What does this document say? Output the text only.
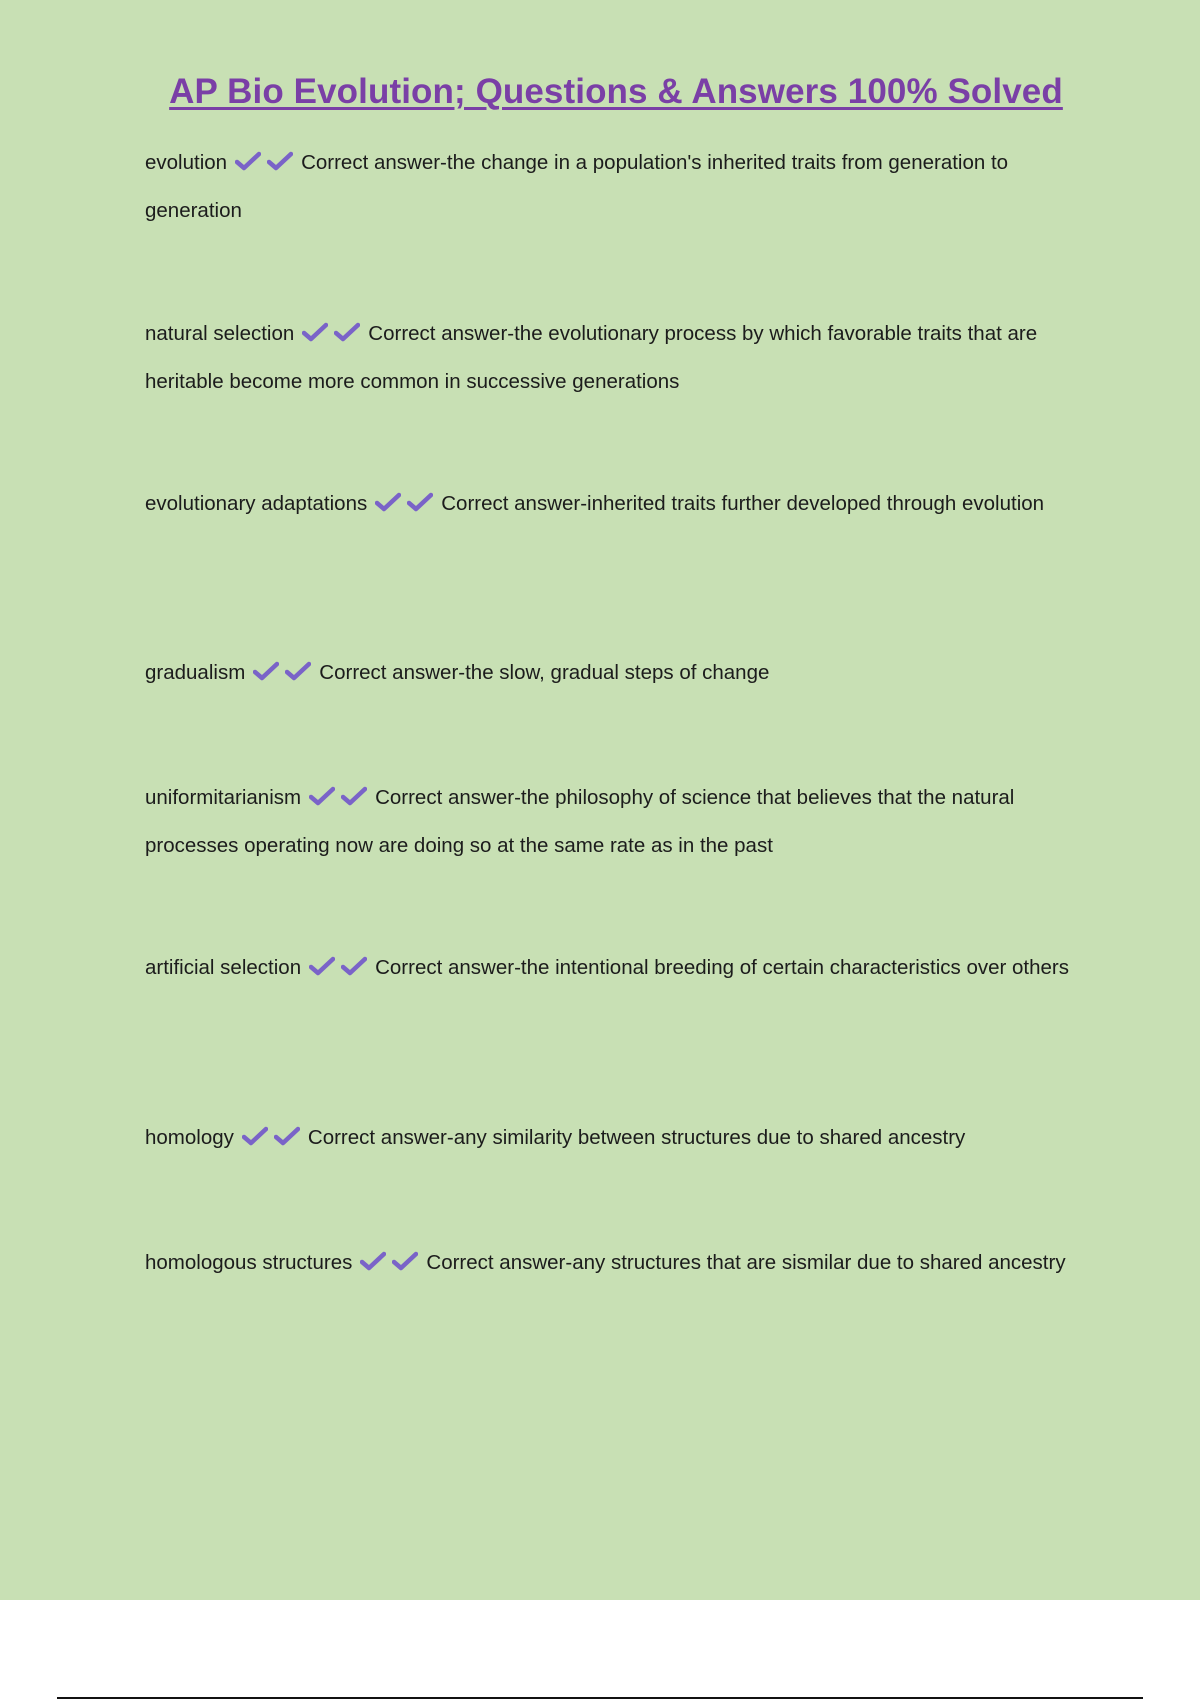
AP Bio Evolution; Questions & Answers 100% Solved
evolution	Correct answer-the change in a population's inherited traits from generation to generation
natural selection	Correct answer-the evolutionary process by which favorable traits that are heritable become more common in successive generations
evolutionary adaptations	Correct answer-inherited traits further developed through evolution
gradualism	Correct answer-the slow, gradual steps of change
uniformitarianism	Correct answer-the philosophy of science that believes that the natural processes operating now are doing so at the same rate as in the past
artificial selection	Correct answer-the intentional breeding of certain characteristics over others
homology	Correct answer-any similarity between structures due to shared ancestry
homologous structures	Correct answer-any structures that are sismilar due to shared ancestry
